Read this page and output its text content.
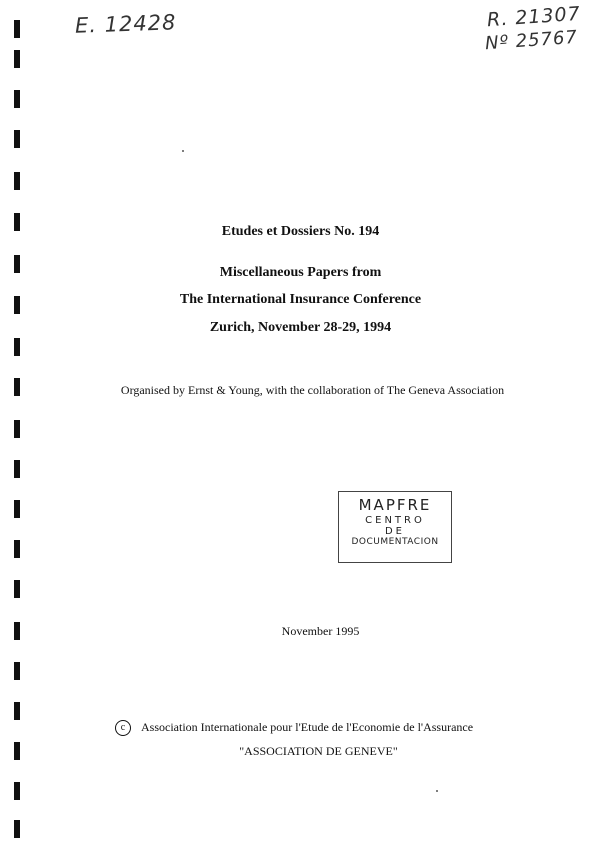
E. 12428	R. 21307
Nº 25767
Etudes et Dossiers No. 194
Miscellaneous Papers from
The International Insurance Conference
Zurich, November 28-29, 1994
Organised by Ernst & Young, with the collaboration of The Geneva Association
MAPFRE
CENTRO
DE
DOCUMENTACION
November 1995
c Association Internationale pour l'Etude de l'Economie de l'Assurance
"ASSOCIATION DE GENEVE"
